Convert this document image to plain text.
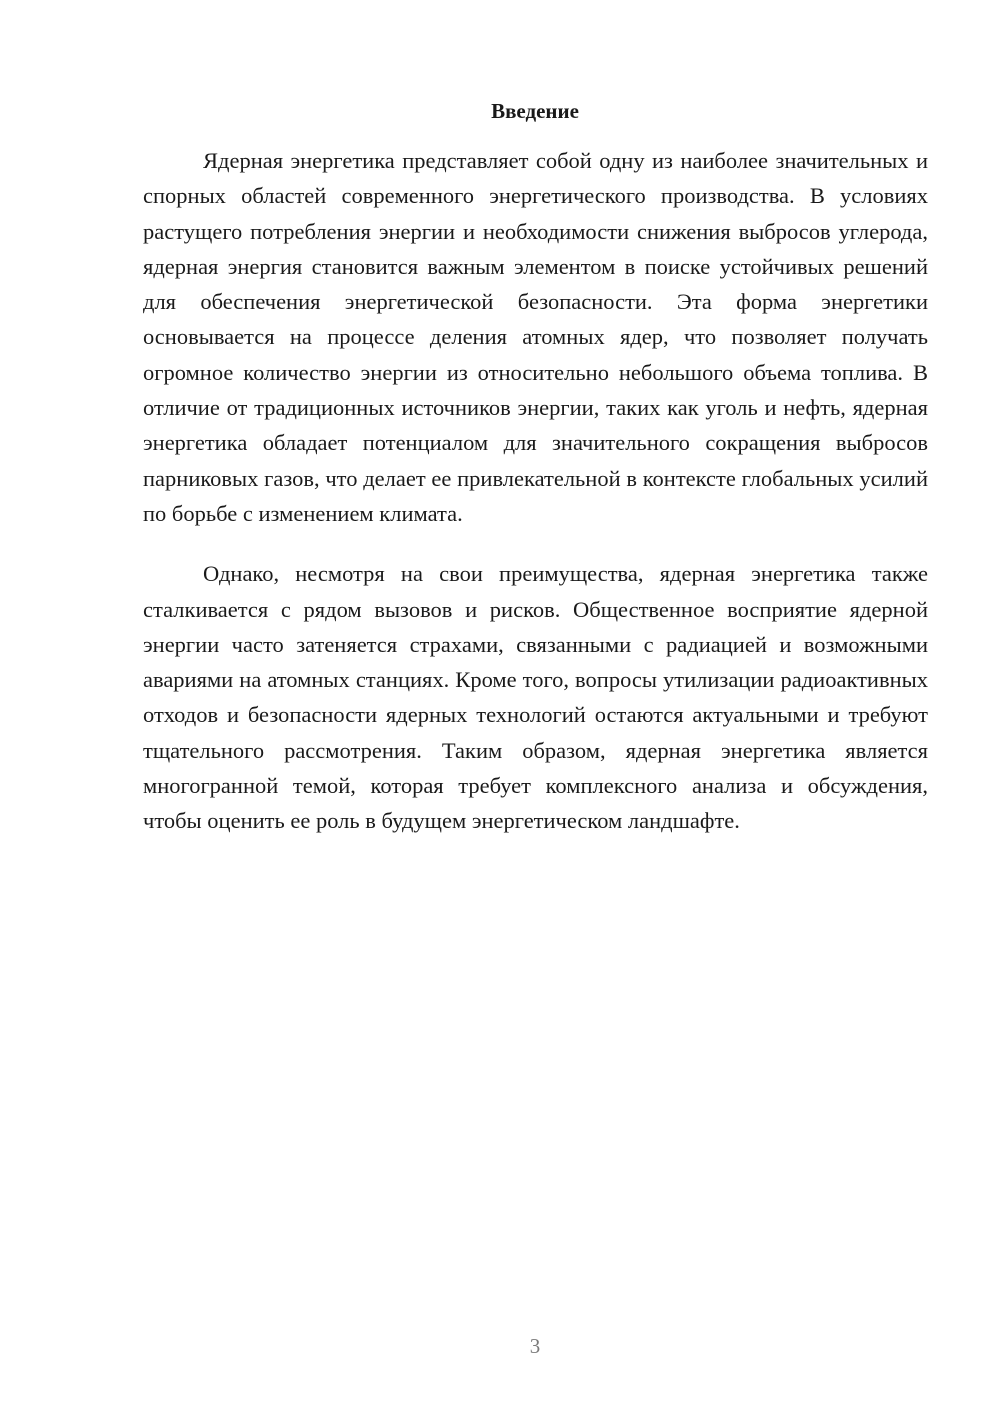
Введение

Ядерная энергетика представляет собой одну из наиболее значительных и спорных областей современного энергетического производства. В условиях растущего потребления энергии и необходимости снижения выбросов углерода, ядерная энергия становится важным элементом в поиске устойчивых решений для обеспечения энергетической безопасности. Эта форма энергетики основывается на процессе деления атомных ядер, что позволяет получать огромное количество энергии из относительно небольшого объема топлива. В отличие от традиционных источников энергии, таких как уголь и нефть, ядерная энергетика обладает потенциалом для значительного сокращения выбросов парниковых газов, что делает ее привлекательной в контексте глобальных усилий по борьбе с изменением климата.

Однако, несмотря на свои преимущества, ядерная энергетика также сталкивается с рядом вызовов и рисков. Общественное восприятие ядерной энергии часто затеняется страхами, связанными с радиацией и возможными авариями на атомных станциях. Кроме того, вопросы утилизации радиоактивных отходов и безопасности ядерных технологий остаются актуальными и требуют тщательного рассмотрения. Таким образом, ядерная энергетика является многогранной темой, которая требует комплексного анализа и обсуждения, чтобы оценить ее роль в будущем энергетическом ландшафте.

3
